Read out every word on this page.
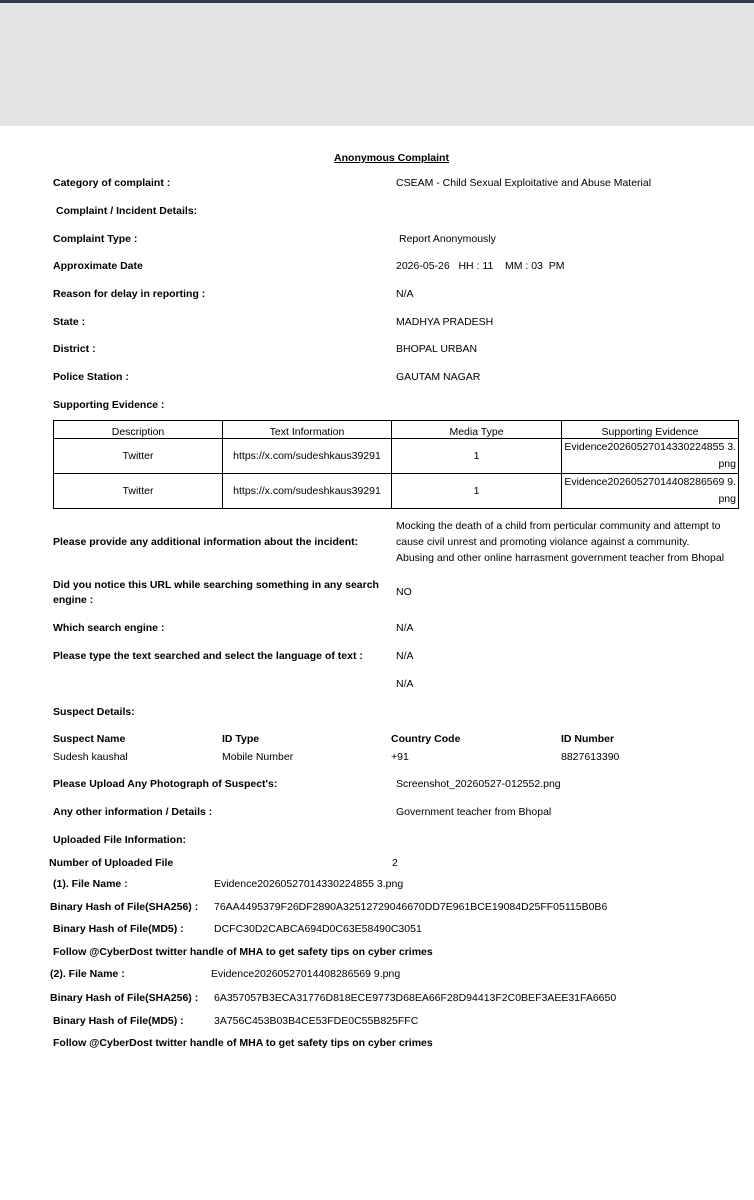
Anonymous Complaint
Category of complaint :	CSEAM - Child Sexual Exploitative and Abuse Material
Complaint / Incident Details:
Complaint Type :	Report Anonymously
Approximate Date	2026-05-26   HH : 11    MM : 03  PM
Reason for delay in reporting :	N/A
State :	MADHYA PRADESH
District :	BHOPAL URBAN
Police Station :	GAUTAM NAGAR
Supporting Evidence :
Description	Text Information	Media Type	Supporting Evidence
Twitter	https://x.com/sudeshkaus39291	1	Evidence20260527014330224855 3.png
Twitter	https://x.com/sudeshkaus39291	1	Evidence20260527014408286569 9.png
Please provide any additional information about the incident:
Mocking the death of a child from perticular community and attempt to cause civil unrest and promoting violance against a community. Abusing and other online harrasment government teacher from Bhopal
Did you notice this URL while searching something in any search
engine :
NO
Which search engine :	N/A
Please type the text searched and select the language of text :	N/A
N/A
Suspect Details:
Suspect Name	ID Type	Country Code	ID Number
Sudesh kaushal	Mobile Number	+91	8827613390
Please Upload Any Photograph of Suspect's:	Screenshot_20260527-012552.png
Any other information / Details :	Government teacher from Bhopal
Uploaded File Information:
Number of Uploaded File	2
(1). File Name :	Evidence20260527014330224855 3.png
Binary Hash of File(SHA256) : 76AA4495379F26DF2890A32512729046670DD7E961BCE19084D25FF05115B0B6
Binary Hash of File(MD5) :	DCFC30D2CABCA694D0C63E58490C3051
Follow @CyberDost twitter handle of MHA to get safety tips on cyber crimes
(2). File Name :	Evidence20260527014408286569 9.png
Binary Hash of File(SHA256) : 6A357057B3ECA31776D818ECE9773D68EA66F28D94413F2C0BEF3AEE31FA6650
Binary Hash of File(MD5) :	3A756C453B03B4CE53FDE0C55B825FFC
Follow @CyberDost twitter handle of MHA to get safety tips on cyber crimes
